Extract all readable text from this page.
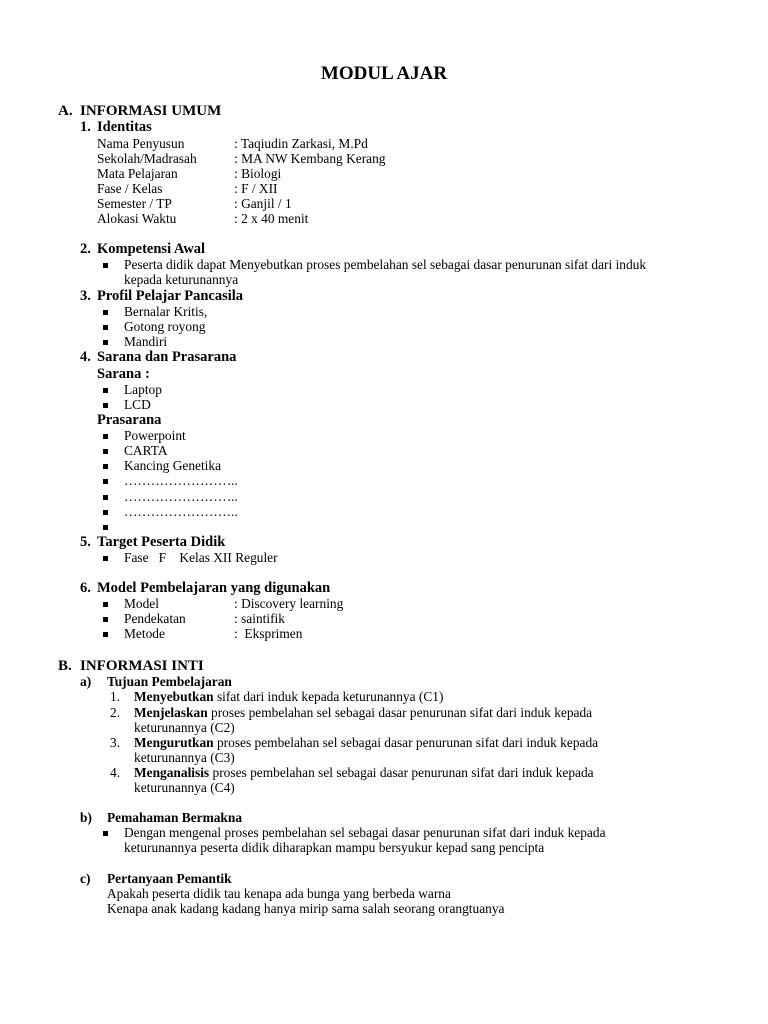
MODUL AJAR
A. INFORMASI UMUM
1. Identitas
Nama Penyusun	: Taqiudin Zarkasi, M.Pd
Sekolah/Madrasah	: MA NW Kembang Kerang
Mata Pelajaran	: Biologi
Fase / Kelas	: F / XII
Semester / TP	: Ganjil / 1
Alokasi Waktu	: 2 x 40 menit
2. Kompetensi Awal
Peserta didik dapat Menyebutkan proses pembelahan sel sebagai dasar penurunan sifat dari induk
kepada keturunannya
3. Profil Pelajar Pancasila
Bernalar Kritis,
Gotong royong
Mandiri
4. Sarana dan Prasarana
Sarana :
Laptop
LCD
Prasarana
Powerpoint
CARTA
Kancing Genetika
……………………..
……………………..
……………………..
5. Target Peserta Didik
Fase   F    Kelas XII Reguler
6. Model Pembelajaran yang digunakan
Model	: Discovery learning
Pendekatan	: saintifik
Metode	:  Eksprimen
B. INFORMASI INTI
a) Tujuan Pembelajaran
1. Menyebutkan sifat dari induk kepada keturunannya (C1)
2. Menjelaskan proses pembelahan sel sebagai dasar penurunan sifat dari induk kepada
keturunannya (C2)
3. Mengurutkan proses pembelahan sel sebagai dasar penurunan sifat dari induk kepada
keturunannya (C3)
4. Menganalisis proses pembelahan sel sebagai dasar penurunan sifat dari induk kepada
keturunannya (C4)
b) Pemahaman Bermakna
Dengan mengenal proses pembelahan sel sebagai dasar penurunan sifat dari induk kepada
keturunannya peserta didik diharapkan mampu bersyukur kepad sang pencipta
c) Pertanyaan Pemantik
Apakah peserta didik tau kenapa ada bunga yang berbeda warna
Kenapa anak kadang kadang hanya mirip sama salah seorang orangtuanya
